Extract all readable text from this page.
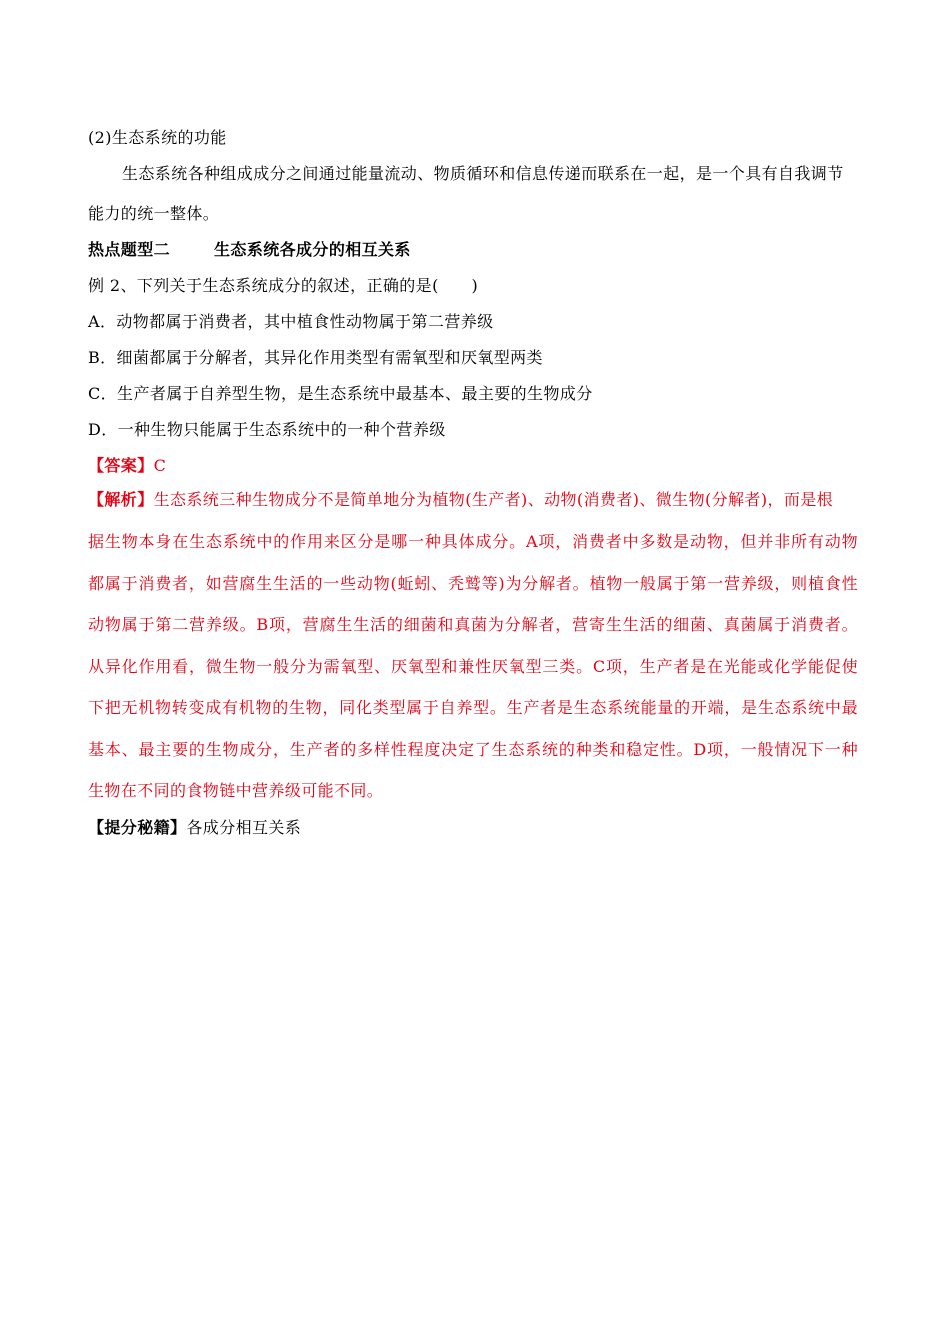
(2)生态系统的功能
生态系统各种组成成分之间通过能量流动、物质循环和信息传递而联系在一起，是一个具有自我调节
能力的统一整体。
热点题型二	生态系统各成分的相互关系
例 2、下列关于生态系统成分的叙述，正确的是(　　)
A．动物都属于消费者，其中植食性动物属于第二营养级
B．细菌都属于分解者，其异化作用类型有需氧型和厌氧型两类
C．生产者属于自养型生物，是生态系统中最基本、最主要的生物成分
D．一种生物只能属于生态系统中的一种个营养级
【答案】C
【解析】生态系统三种生物成分不是简单地分为植物(生产者)、动物(消费者)、微生物(分解者)，而是根
据生物本身在生态系统中的作用来区分是哪一种具体成分。A项，消费者中多数是动物，但并非所有动物
都属于消费者，如营腐生生活的一些动物(蚯蚓、秃鹫等)为分解者。植物一般属于第一营养级，则植食性
动物属于第二营养级。B项，营腐生生活的细菌和真菌为分解者，营寄生生活的细菌、真菌属于消费者。
从异化作用看，微生物一般分为需氧型、厌氧型和兼性厌氧型三类。C项，生产者是在光能或化学能促使
下把无机物转变成有机物的生物，同化类型属于自养型。生产者是生态系统能量的开端，是生态系统中最
基本、最主要的生物成分，生产者的多样性程度决定了生态系统的种类和稳定性。D项，一般情况下一种
生物在不同的食物链中营养级可能不同。
【提分秘籍】各成分相互关系
